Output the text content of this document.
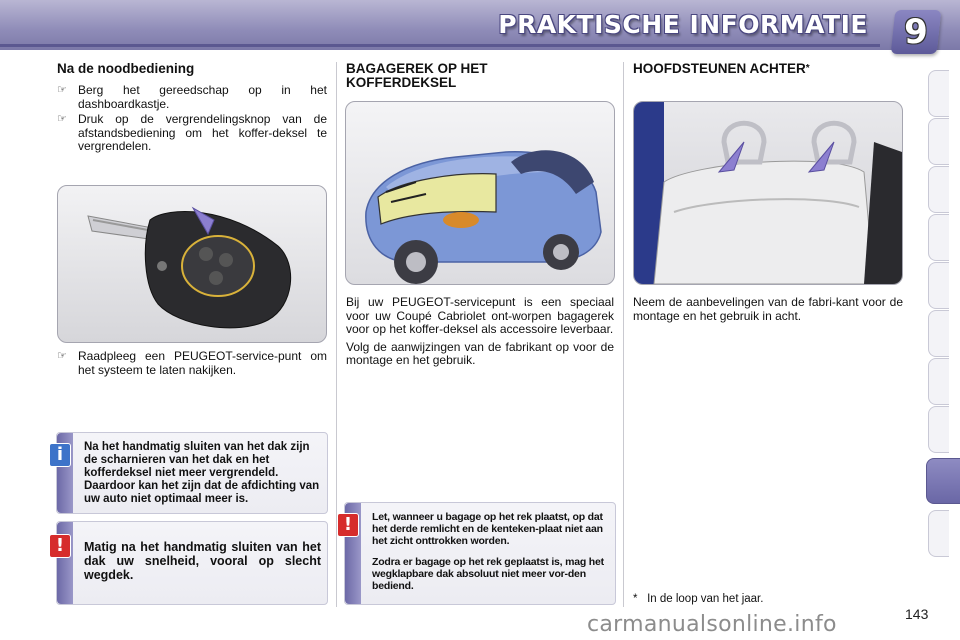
PRAKTISCHE INFORMATIE	9
Na de noodbediening

☞ Berg het gereedschap op in het dashboardkastje.

☞ Druk op de vergrendelingsknop van de afstandsbediening om het koffer-deksel te vergrendelen.

☞ Raadpleeg een PEUGEOT-service-punt om het systeem te laten nakijken.

i	Na het handmatig sluiten van het dak zijn de scharnieren van het dak en het kofferdeksel niet meer vergrendeld. Daardoor kan het zijn dat de afdichting van uw auto niet optimaal meer is.
!	Matig na het handmatig sluiten van het dak uw snelheid, vooral op slecht wegdek.
BAGAGEREK OP HET KOFFERDEKSEL

Bij uw PEUGEOT-servicepunt is een speciaal voor uw Coupé Cabriolet ont-worpen bagagerek voor op het koffer-deksel als accessoire leverbaar.

Volg de aanwijzingen van de fabrikant op voor de montage en het gebruik.

!	Let, wanneer u bagage op het rek plaatst, op dat het derde remlicht en de kenteken-plaat niet aan het zicht onttrokken worden.
Zodra er bagage op het rek geplaatst is, mag het wegklapbare dak absoluut niet meer vor-den bediend.
HOOFDSTEUNEN ACHTER*

Neem de aanbevelingen van de fabri-kant voor de montage en het gebruik in acht.

* In de loop van het jaar.
carmanualsonline.info	143
